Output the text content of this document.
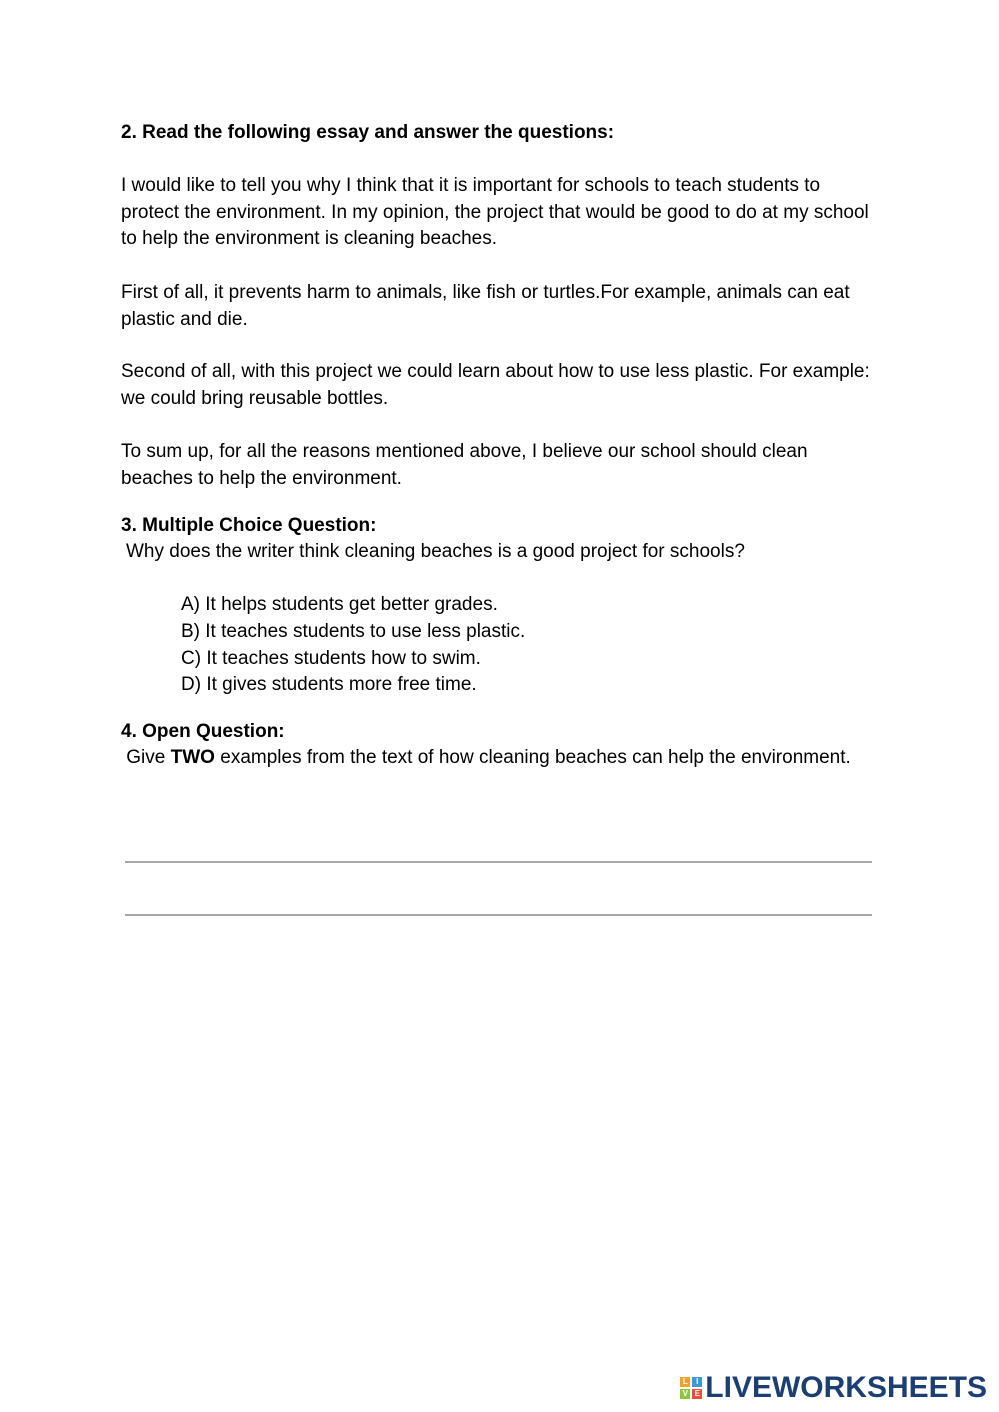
2. Read the following essay and answer the questions:

I would like to tell you why I think that it is important for schools to teach students to protect the environment. In my opinion, the project that would be good to do at my school to help the environment is cleaning beaches.

First of all, it prevents harm to animals, like fish or turtles.For example, animals can eat plastic and die.

Second of all, with this project we could learn about how to use less plastic. For example: we could bring reusable bottles.

To sum up, for all the reasons mentioned above, I believe our school should clean beaches to help the environment.

3. Multiple Choice Question:

Why does the writer think cleaning beaches is a good project for schools?

A) It helps students get better grades.
B) It teaches students to use less plastic.
C) It teaches students how to swim.
D) It gives students more free time.

4. Open Question:

Give TWO examples from the text of how cleaning beaches can help the environment.

L	I
V E LIVEWORKSHEETS
